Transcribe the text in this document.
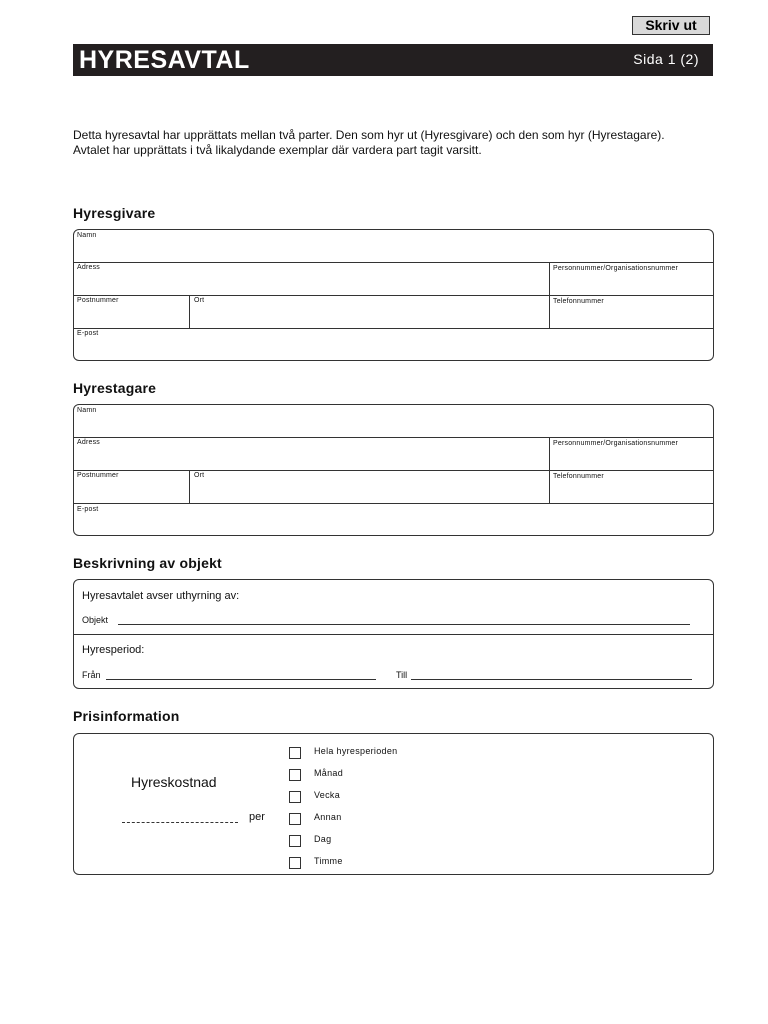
Skriv ut
HYRESAVTAL	Sida 1 (2)
Detta hyresavtal har upprättats mellan två parter. Den som hyr ut (Hyresgivare) och den som hyr (Hyrestagare).
Avtalet har upprättats i två likalydande exemplar där vardera part tagit varsitt.
Hyresgivare
Namn
Adress	Personnummer/Organisationsnummer
Postnummer	Ort	Telefonnummer
E-post
Hyrestagare
Namn
Adress	Personnummer/Organisationsnummer
Postnummer	Ort	Telefonnummer
E-post
Beskrivning av objekt
Hyresavtalet avser uthyrning av:
Objekt
Hyresperiod:
Från	Till
Prisinformation
Hyreskostnad
per
Hela hyresperioden
Månad
Vecka
Annan
Dag
Timme
